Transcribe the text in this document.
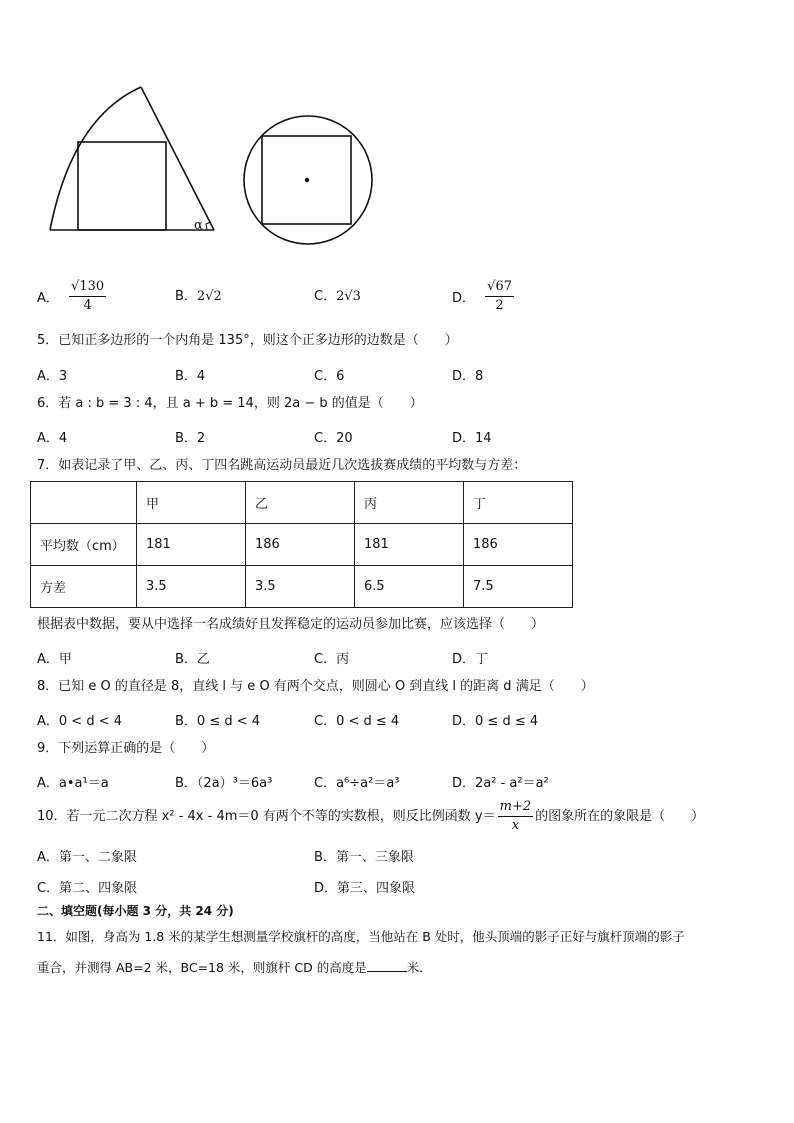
α
A． $\frac{√130}{4}$	B．2√2	C．2√3	D． $\frac{√67}{2}$
5．已知正多边形的一个内角是 135°，则这个正多边形的边数是（　　）
A．3	B．4	C．6	D．8
6．若 a : b = 3 : 4，且 a + b = 14，则 2a − b 的值是（　　）
A．4	B．2	C．20	D．14
7．如表记录了甲、乙、丙、丁四名跳高运动员最近几次选拔赛成绩的平均数与方差：
	甲	乙	丙	丁
平均数（cm）	181	186	181	186
方差	3.5	3.5	6.5	7.5
根据表中数据，要从中选择一名成绩好且发挥稳定的运动员参加比赛，应该选择（　　）
A．甲	B．乙	C．丙	D．丁
8．已知 e O 的直径是 8，直线 l 与 e O 有两个交点，则圆心 O 到直线 l 的距离 d 满足（　　）
A．0 < d < 4	B．0 ≤ d < 4	C．0 < d ≤ 4	D．0 ≤ d ≤ 4
9．下列运算正确的是（　　）
A．a•a¹＝a	B．（2a）³＝6a³	C．a⁶÷a²＝a³	D．2a² - a²＝a²
10．若一元二次方程 x² - 4x - 4m＝0 有两个不等的实数根，则反比例函数 $y= \frac{m+2}{x}$ 的图象所在的象限是（　　）
A．第一、二象限	B．第一、三象限
C．第二、四象限	D．第三、四象限
二、填空题(每小题 3 分，共 24 分)
11．如图，身高为 1.8 米的某学生想测量学校旗杆的高度，当他站在 B 处时，他头顶端的影子正好与旗杆顶端的影子
重合，并测得 AB=2 米，BC=18 米，则旗杆 CD 的高度是	米．
